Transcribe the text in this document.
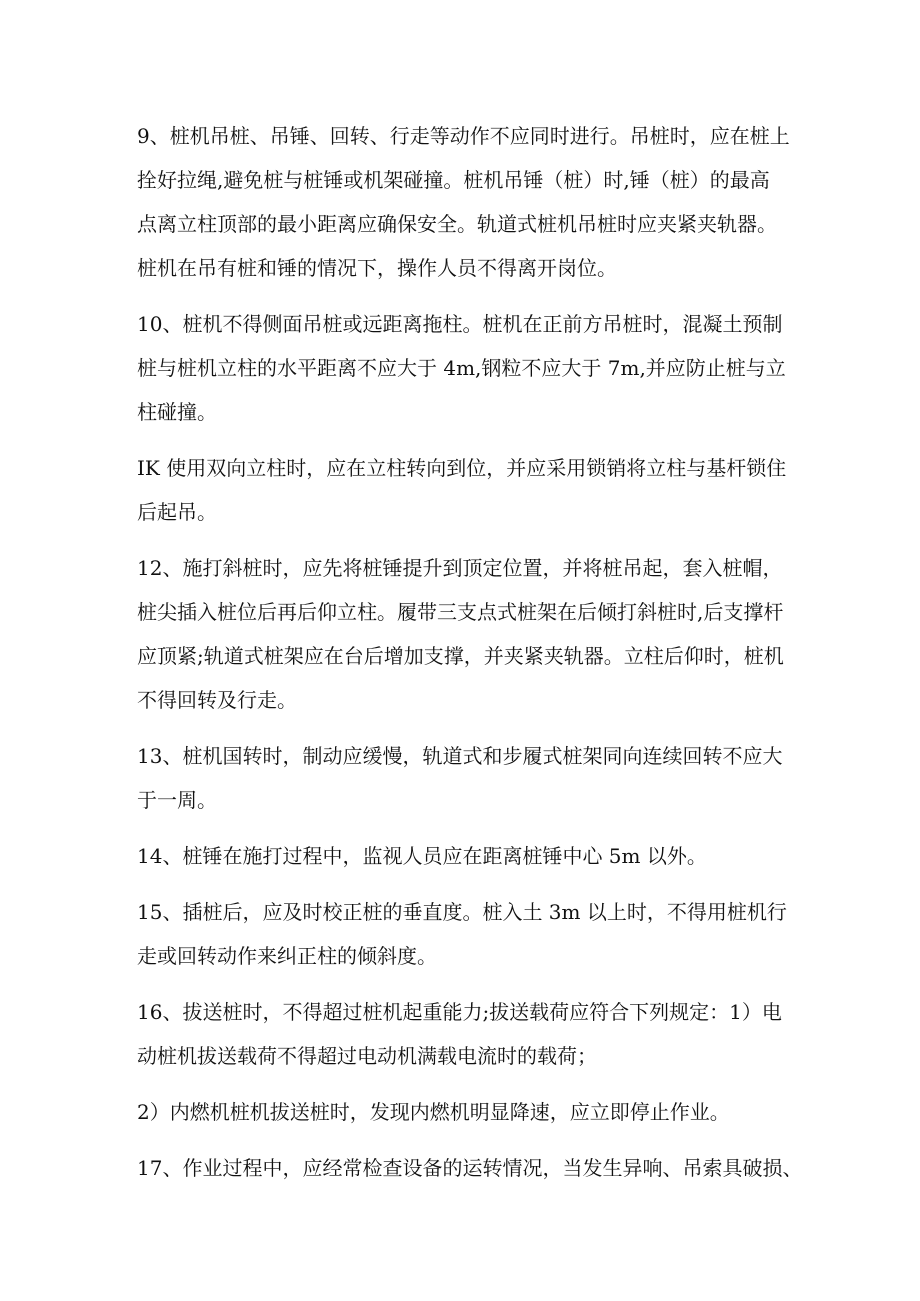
9、桩机吊桩、吊锤、回转、行走等动作不应同时进行。吊桩时，应在桩上
拴好拉绳,避免桩与桩锤或机架碰撞。桩机吊锤（桩）时,锤（桩）的最高
点离立柱顶部的最小距离应确保安全。轨道式桩机吊桩时应夹紧夹轨器。
桩机在吊有桩和锤的情况下，操作人员不得离开岗位。
10、桩机不得侧面吊桩或远距离拖柱。桩机在正前方吊桩时，混凝土预制
桩与桩机立柱的水平距离不应大于 4m,钢粒不应大于 7m,并应防止桩与立
柱碰撞。
IK 使用双向立柱时，应在立柱转向到位，并应采用锁销将立柱与基杆锁住
后起吊。
12、施打斜桩时，应先将桩锤提升到顶定位置，并将桩吊起，套入桩帽，
桩尖插入桩位后再后仰立柱。履带三支点式桩架在后倾打斜桩时,后支撑杆
应顶紧;轨道式桩架应在台后增加支撑，并夹紧夹轨器。立柱后仰时，桩机
不得回转及行走。
13、桩机国转时，制动应缓慢，轨道式和步履式桩架同向连续回转不应大
于一周。
14、桩锤在施打过程中，监视人员应在距离桩锤中心 5m 以外。
15、插桩后，应及时校正桩的垂直度。桩入土 3m 以上时，不得用桩机行
走或回转动作来纠正柱的倾斜度。
16、拔送桩时，不得超过桩机起重能力;拔送载荷应符合下列规定：1）电
动桩机拔送载荷不得超过电动机满载电流时的载荷；
2）内燃机桩机拔送桩时，发现内燃机明显降速，应立即停止作业。
17、作业过程中，应经常检查设备的运转情况，当发生异响、吊索具破损、
